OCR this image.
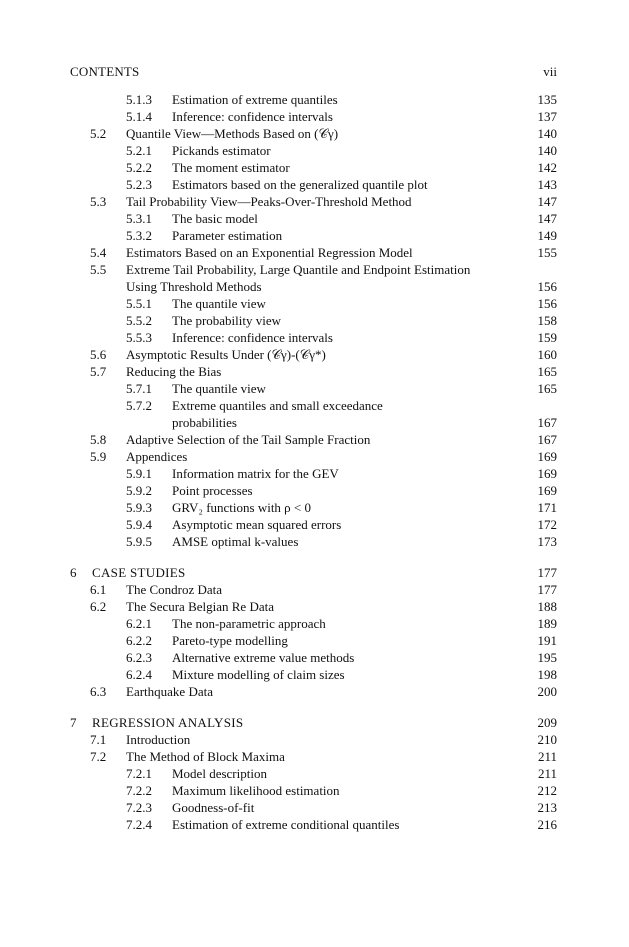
CONTENTS	vii
5.1.3 Estimation of extreme quantiles . . .	135
5.1.4 Inference: confidence intervals . . .	137
5.2 Quantile View—Methods Based on (𝒞γ) . . .	140
5.2.1 Pickands estimator . . .	140
5.2.2 The moment estimator . . .	142
5.2.3 Estimators based on the generalized quantile plot . . .	143
5.3 Tail Probability View—Peaks-Over-Threshold Method . . .	147
5.3.1 The basic model . . .	147
5.3.2 Parameter estimation . . .	149
5.4 Estimators Based on an Exponential Regression Model . . .	155
5.5 Extreme Tail Probability, Large Quantile and Endpoint Estimation
Using Threshold Methods . . .	156
5.5.1 The quantile view . . .	156
5.5.2 The probability view . . .	158
5.5.3 Inference: confidence intervals . . .	159
5.6 Asymptotic Results Under (𝒞γ)-(𝒞γ*) . . .	160
5.7 Reducing the Bias . . .	165
5.7.1 The quantile view . . .	165
5.7.2 Extreme quantiles and small exceedance
probabilities . . .	167
5.8 Adaptive Selection of the Tail Sample Fraction . . .	167
5.9 Appendices . . .	169
5.9.1 Information matrix for the GEV . . .	169
5.9.2 Point processes . . .	169
5.9.3 GRV₂ functions with ρ < 0 . . .	171
5.9.4 Asymptotic mean squared errors . . .	172
5.9.5 AMSE optimal k-values . . .	173
6 CASE STUDIES	177
6.1 The Condroz Data . . .	177
6.2 The Secura Belgian Re Data . . .	188
6.2.1 The non-parametric approach . . .	189
6.2.2 Pareto-type modelling . . .	191
6.2.3 Alternative extreme value methods . . .	195
6.2.4 Mixture modelling of claim sizes . . .	198
6.3 Earthquake Data . . .	200
7 REGRESSION ANALYSIS	209
7.1 Introduction . . .	210
7.2 The Method of Block Maxima . . .	211
7.2.1 Model description . . .	211
7.2.2 Maximum likelihood estimation . . .	212
7.2.3 Goodness-of-fit . . .	213
7.2.4 Estimation of extreme conditional quantiles . . .	216
